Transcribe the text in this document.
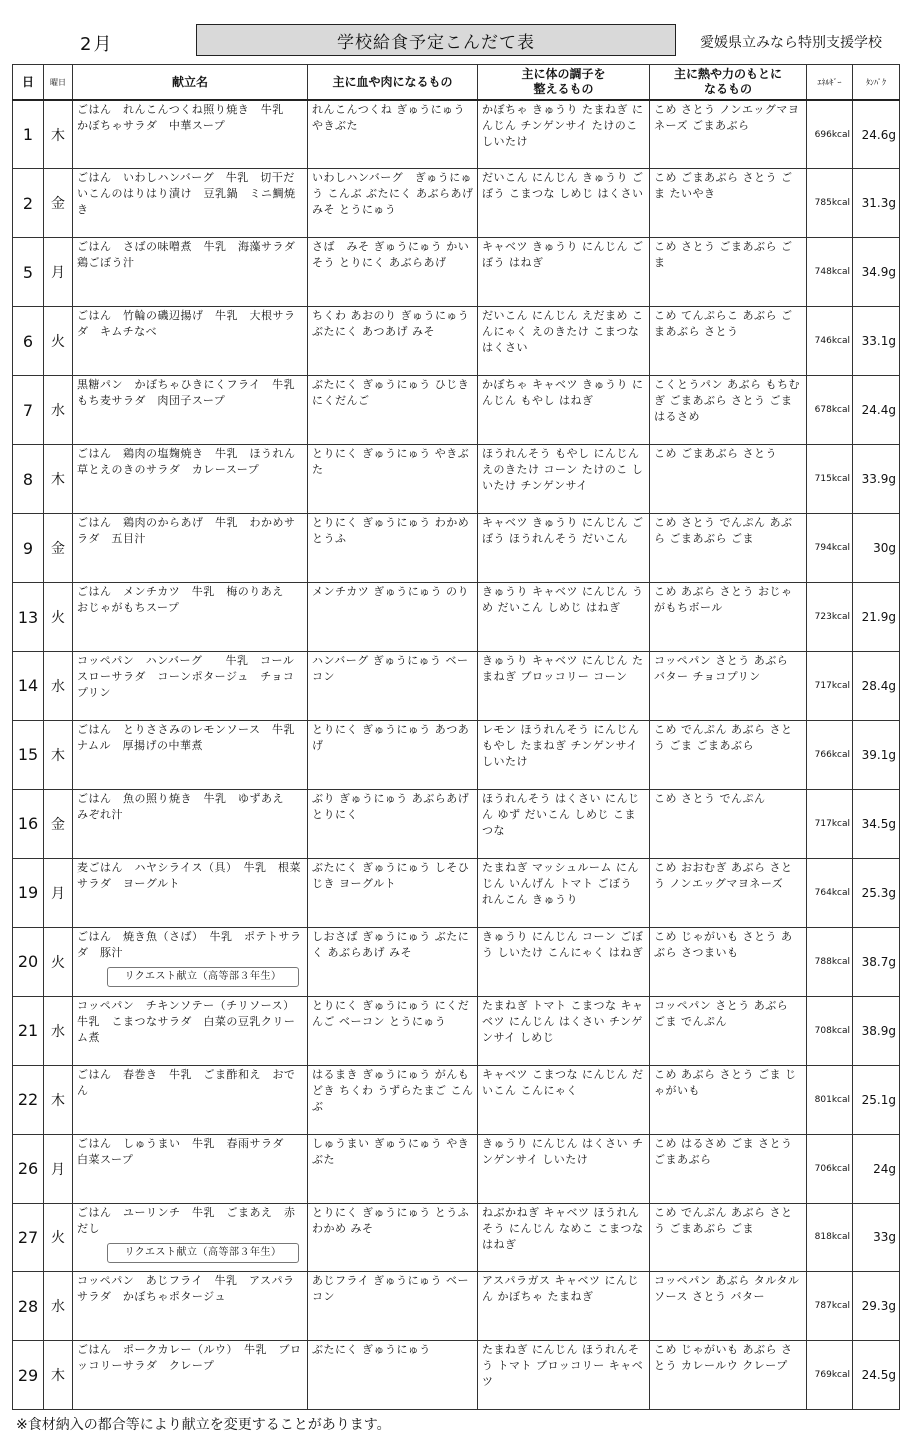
2月	学校給食予定こんだて表	愛媛県立みなら特別支援学校
日	曜日	献立名	主に血や肉になるもの	主に体の調子を
整えるもの	主に熱や力のもとに
なるもの	ｴﾈﾙｷﾞｰ	ﾀﾝﾊﾟｸ
1	木	ごはん　れんこんつくね照り焼き　牛乳　かぼちゃサラダ　中華スープ	れんこんつくね ぎゅうにゅう やきぶた	かぼちゃ きゅうり たまねぎ にんじん チンゲンサイ たけのこ しいたけ	こめ さとう ノンエッグマヨネーズ ごまあぶら	696kcal	24.6g
2	金	ごはん　いわしハンバーグ　牛乳　切干だいこんのはりはり漬け　豆乳鍋　ミニ鯛焼き	いわしハンバーグ　ぎゅうにゅう こんぶ ぶたにく あぶらあげ みそ とうにゅう	だいこん にんじん きゅうり ごぼう こまつな しめじ はくさい	こめ ごまあぶら さとう ごま たいやき	785kcal	31.3g
5	月	ごはん　さばの味噌煮　牛乳　海藻サラダ　鶏ごぼう汁	さば　みそ ぎゅうにゅう かいそう とりにく あぶらあげ	キャベツ きゅうり にんじん ごぼう はねぎ	こめ さとう ごまあぶら ごま	748kcal	34.9g
6	火	ごはん　竹輪の磯辺揚げ　牛乳　大根サラダ　キムチなべ	ちくわ あおのり ぎゅうにゅう ぶたにく あつあげ みそ	だいこん にんじん えだまめ こんにゃく えのきたけ こまつな はくさい	こめ てんぷらこ あぶら ごまあぶら さとう	746kcal	33.1g
7	水	黒糖パン　かぼちゃひきにくフライ　牛乳　もち麦サラダ　肉団子スープ	ぶたにく ぎゅうにゅう ひじき にくだんご	かぼちゃ キャベツ きゅうり にんじん もやし はねぎ	こくとうパン あぶら もちむぎ ごまあぶら さとう ごま はるさめ	678kcal	24.4g
8	木	ごはん　鶏肉の塩麹焼き　牛乳　ほうれん草とえのきのサラダ　カレースープ	とりにく ぎゅうにゅう やきぶた	ほうれんそう もやし にんじん えのきたけ コーン たけのこ しいたけ チンゲンサイ	こめ ごまあぶら さとう	715kcal	33.9g
9	金	ごはん　鶏肉のからあげ　牛乳　わかめサラダ　五目汁	とりにく ぎゅうにゅう わかめ とうふ	キャベツ きゅうり にんじん ごぼう ほうれんそう だいこん	こめ さとう でんぷん あぶら ごまあぶら ごま	794kcal	30g
13	火	ごはん　メンチカツ　牛乳　梅のりあえ　おじゃがもちスープ	メンチカツ ぎゅうにゅう のり	きゅうり キャベツ にんじん うめ だいこん しめじ はねぎ	こめ あぶら さとう おじゃがもちボール	723kcal	21.9g
14	水	コッペパン　ハンバーグ　　牛乳　コールスローサラダ　コーンポタージュ　チョコプリン	ハンバーグ ぎゅうにゅう ベーコン	きゅうり キャベツ にんじん たまねぎ ブロッコリー コーン	コッペパン さとう あぶら バター チョコプリン	717kcal	28.4g
15	木	ごはん　とりささみのレモンソース　牛乳　ナムル　厚揚げの中華煮	とりにく ぎゅうにゅう あつあげ	レモン ほうれんそう にんじん もやし たまねぎ チンゲンサイ しいたけ	こめ でんぷん あぶら さとう ごま ごまあぶら	766kcal	39.1g
16	金	ごはん　魚の照り焼き　牛乳　ゆずあえ　みぞれ汁	ぶり ぎゅうにゅう あぶらあげ とりにく	ほうれんそう はくさい にんじん ゆず だいこん しめじ こまつな	こめ さとう でんぷん	717kcal	34.5g
19	月	麦ごはん　ハヤシライス（具）　牛乳　根菜サラダ　ヨーグルト	ぶたにく ぎゅうにゅう しそひじき ヨーグルト	たまねぎ マッシュルーム にんじん いんげん トマト ごぼう れんこん きゅうり	こめ おおむぎ あぶら さとう ノンエッグマヨネーズ	764kcal	25.3g
20	火	ごはん　焼き魚（さば）　牛乳　ポテトサラダ　豚汁
リクエスト献立（高等部３年生）	しおさば ぎゅうにゅう ぶたにく あぶらあげ みそ	きゅうり にんじん コーン ごぼう しいたけ こんにゃく はねぎ	こめ じゃがいも さとう あぶら さつまいも	788kcal	38.7g
21	水	コッペパン　チキンソテー（チリソース）　牛乳　こまつなサラダ　白菜の豆乳クリーム煮	とりにく ぎゅうにゅう にくだんご ベーコン とうにゅう	たまねぎ トマト こまつな キャベツ にんじん はくさい チンゲンサイ しめじ	コッペパン さとう あぶら ごま でんぷん	708kcal	38.9g
22	木	ごはん　春巻き　牛乳　ごま酢和え　おでん	はるまき ぎゅうにゅう がんもどき ちくわ うずらたまご こんぶ	キャベツ こまつな にんじん だいこん こんにゃく	こめ あぶら さとう ごま じゃがいも	801kcal	25.1g
26	月	ごはん　しゅうまい　牛乳　春雨サラダ　白菜スープ	しゅうまい ぎゅうにゅう やきぶた	きゅうり にんじん はくさい チンゲンサイ しいたけ	こめ はるさめ ごま さとう ごまあぶら	706kcal	24g
27	火	ごはん　ユーリンチ　牛乳　ごまあえ　赤だし
リクエスト献立（高等部３年生）	とりにく ぎゅうにゅう とうふ わかめ みそ	ねぶかねぎ キャベツ ほうれんそう にんじん なめこ こまつな はねぎ	こめ でんぷん あぶら さとう ごまあぶら ごま	818kcal	33g
28	水	コッペパン　あじフライ　牛乳　アスパラサラダ　かぼちゃポタージュ	あじフライ ぎゅうにゅう ベーコン	アスパラガス キャベツ にんじん かぼちゃ たまねぎ	コッペパン あぶら タルタルソース さとう バター	787kcal	29.3g
29	木	ごはん　ポークカレー（ルウ）　牛乳　ブロッコリーサラダ　クレープ	ぶたにく ぎゅうにゅう	たまねぎ にんじん ほうれんそう トマト ブロッコリー キャベツ	こめ じゃがいも あぶら さとう カレールウ クレープ	769kcal	24.5g
※食材納入の都合等により献立を変更することがあります。
